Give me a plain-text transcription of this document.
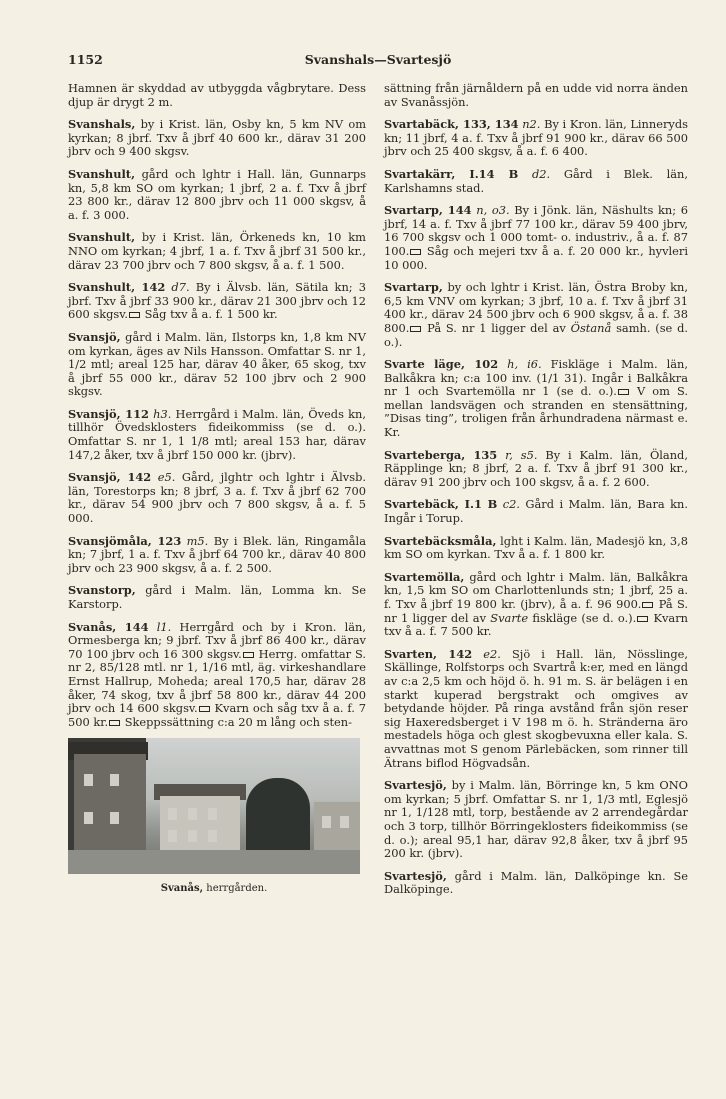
1152	Svanshals—Svartesjö

Hamnen är skyddad av utbyggda vågbrytare. Dess djup är drygt 2 m.

Svanshals, by i Krist. län, Osby kn, 5 km NV om kyrkan; 8 jbrf. Txv å jbrf 40 600 kr., därav 31 200 jbrv och 9 400 skgsv.

Svanshult, gård och lghtr i Hall. län, Gunnarps kn, 5,8 km SO om kyrkan; 1 jbrf, 2 a. f. Txv å jbrf 23 800 kr., därav 12 800 jbrv och 11 000 skgsv, å a. f. 3 000.

Svanshult, by i Krist. län, Örkeneds kn, 10 km NNO om kyrkan; 4 jbrf, 1 a. f. Txv å jbrf 31 500 kr., därav 23 700 jbrv och 7 800 skgsv, å a. f. 1 500.

Svanshult, 142 d7. By i Älvsb. län, Sätila kn; 3 jbrf. Txv å jbrf 33 900 kr., därav 21 300 jbrv och 12 600 skgsv. Såg txv å a. f. 1 500 kr.

Svansjö, gård i Malm. län, Ilstorps kn, 1,8 km NV om kyrkan, äges av Nils Hansson. Omfattar S. nr 1, 1/2 mtl; areal 125 har, därav 40 åker, 65 skog, txv å jbrf 55 000 kr., därav 52 100 jbrv och 2 900 skgsv.

Svansjö, 112 h3. Herrgård i Malm. län, Öveds kn, tillhör Övedsklosters fideikommiss (se d. o.). Omfattar S. nr 1, 1 1/8 mtl; areal 153 har, därav 147,2 åker, txv å jbrf 150 000 kr. (jbrv).

Svansjö, 142 e5. Gård, jlghtr och lghtr i Älvsb. län, Torestorps kn; 8 jbrf, 3 a. f. Txv å jbrf 62 700 kr., därav 54 900 jbrv och 7 800 skgsv, å a. f. 5 000.

Svansjömåla, 123 m5. By i Blek. län, Ringamåla kn; 7 jbrf, 1 a. f. Txv å jbrf 64 700 kr., därav 40 800 jbrv och 23 900 skgsv, å a. f. 2 500.

Svanstorp, gård i Malm. län, Lomma kn. Se Karstorp.

Svanås, 144 l1. Herrgård och by i Kron. län, Ormesberga kn; 9 jbrf. Txv å jbrf 86 400 kr., därav 70 100 jbrv och 16 300 skgsv. Herrg. omfattar S. nr 2, 85/128 mtl. nr 1, 1/16 mtl, äg. virkeshandlare Ernst Hallrup, Moheda; areal 170,5 har, därav 28 åker, 74 skog, txv å jbrf 58 800 kr., därav 44 200 jbrv och 14 600 skgsv. Kvarn och såg txv å a. f. 7 500 kr. Skeppssättning c:a 20 m lång och sten-

Svanås, herrgården.

sättning från järnåldern på en udde vid norra änden av Svanåssjön.

Svartabäck, 133, 134 n2. By i Kron. län, Linneryds kn; 11 jbrf, 4 a. f. Txv å jbrf 91 900 kr., därav 66 500 jbrv och 25 400 skgsv, å a. f. 6 400.

Svartakärr, I.14 B d2. Gård i Blek. län, Karlshamns stad.

Svartarp, 144 n, o3. By i Jönk. län, Näshults kn; 6 jbrf, 14 a. f. Txv å jbrf 77 100 kr., därav 59 400 jbrv, 16 700 skgsv och 1 000 tomt- o. industriv., å a. f. 87 100. Såg och mejeri txv å a. f. 20 000 kr., hyvleri 10 000.

Svartarp, by och lghtr i Krist. län, Östra Broby kn, 6,5 km VNV om kyrkan; 3 jbrf, 10 a. f. Txv å jbrf 31 400 kr., därav 24 500 jbrv och 6 900 skgsv, å a. f. 38 800. På S. nr 1 ligger del av Östanå samh. (se d. o.).

Svarte läge, 102 h, i6. Fiskläge i Malm. län, Balkåkra kn; c:a 100 inv. (1/1 31). Ingår i Balkåkra nr 1 och Svartemölla nr 1 (se d. o.). V om S. mellan landsvägen och stranden en stensättning, ”Disas ting”, troligen från århundradena närmast e. Kr.

Svarteberga, 135 r, s5. By i Kalm. län, Öland, Räpplinge kn; 8 jbrf, 2 a. f. Txv å jbrf 91 300 kr., därav 91 200 jbrv och 100 skgsv, å a. f. 2 600.

Svartebäck, I.1 B c2. Gård i Malm. län, Bara kn. Ingår i Torup.

Svartebäcksmåla, lght i Kalm. län, Madesjö kn, 3,8 km SO om kyrkan. Txv å a. f. 1 800 kr.

Svartemölla, gård och lghtr i Malm. län, Balkåkra kn, 1,5 km SO om Charlottenlunds stn; 1 jbrf, 25 a. f. Txv å jbrf 19 800 kr. (jbrv), å a. f. 96 900. På S. nr 1 ligger del av Svarte fiskläge (se d. o.). Kvarn txv å a. f. 7 500 kr.

Svarten, 142 e2. Sjö i Hall. län, Nösslinge, Skällinge, Rolfstorps och Svartrå k:er, med en längd av c:a 2,5 km och höjd ö. h. 91 m. S. är belägen i en starkt kuperad bergstrakt och omgives av betydande höjder. På ringa avstånd från sjön reser sig Haxeredsberget i V 198 m ö. h. Stränderna äro mestadels höga och glest skogbevuxna eller kala. S. avvattnas mot S genom Pärlebäcken, som rinner till Ätrans biflod Högvadsån.

Svartesjö, by i Malm. län, Börringe kn, 5 km ONO om kyrkan; 5 jbrf. Omfattar S. nr 1, 1/3 mtl, Eglesjö nr 1, 1/128 mtl, torp, bestående av 2 arrendegårdar och 3 torp, tillhör Börringeklosters fideikommiss (se d. o.); areal 95,1 har, därav 92,8 åker, txv å jbrf 95 200 kr. (jbrv).

Svartesjö, gård i Malm. län, Dalköpinge kn. Se Dalköpinge.
